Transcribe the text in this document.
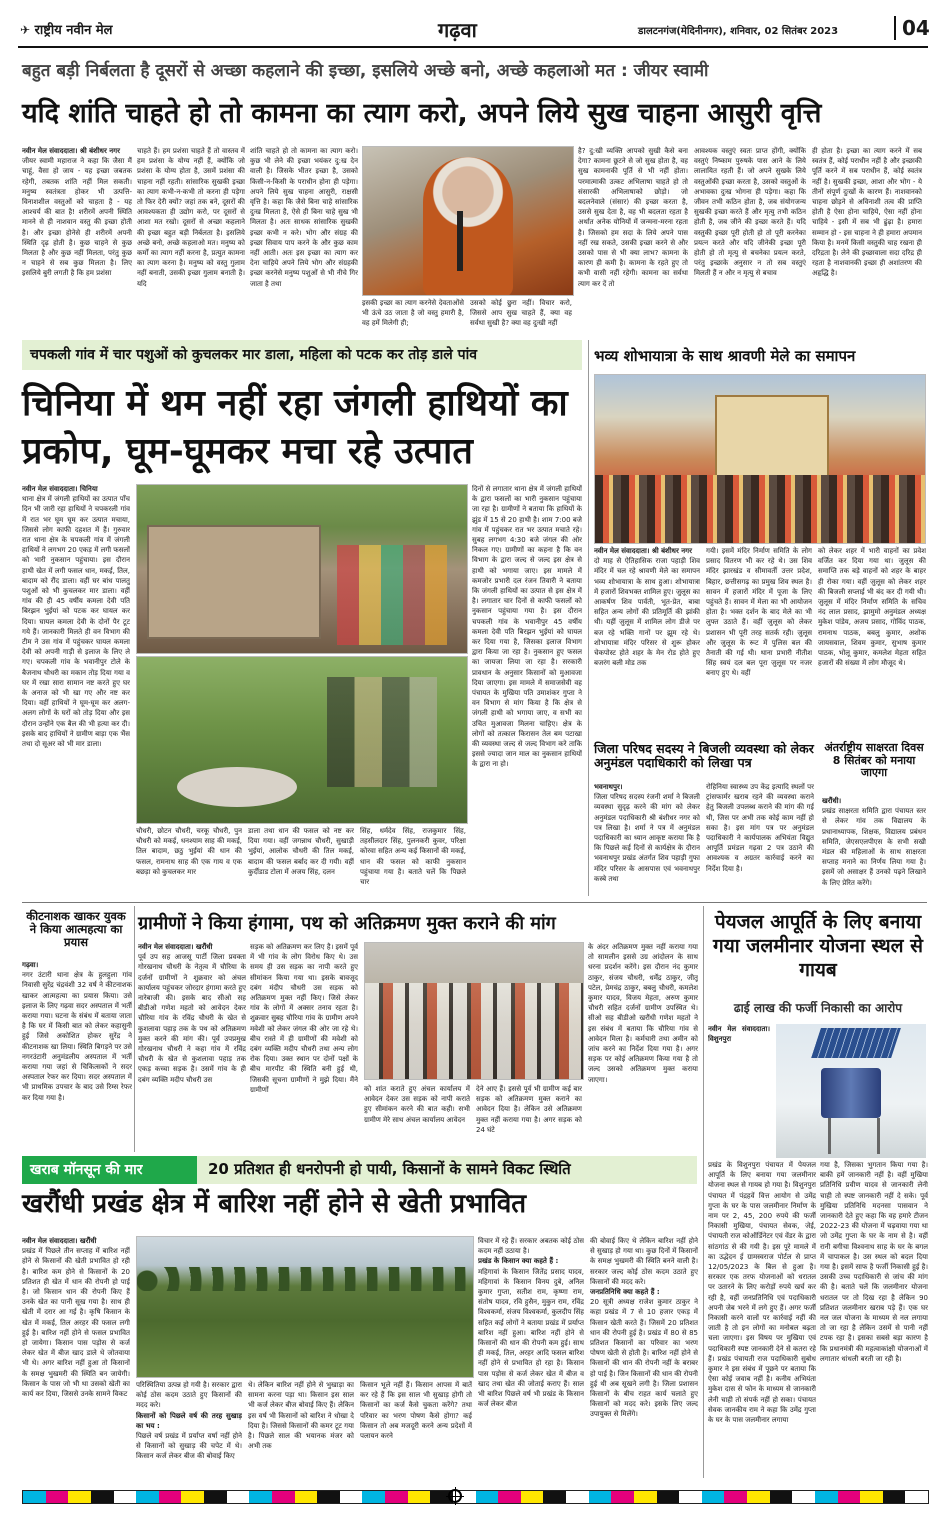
✈ राष्ट्रीय नवीन मेल	गढ़वा	डालटनगंज(मेदिनीनगर), शनिवार, 02 सितंबर 2023	04
बहुत बड़ी निर्बलता है दूसरों से अच्छा कहलाने की इच्छा, इसलिये अच्छे बनो, अच्छे कहलाओ मत : जीयर स्वामी
यदि शांति चाहते हो तो कामना का त्याग करो, अपने लिये सुख चाहना आसुरी वृत्ति

नवीन मेल संवाददाता। श्री बंशीधर नगर

जीयर स्वामी महाराज ने कहा कि जैसा मैं चाहूं, वैसा हो जाय - यह इच्छा जबतक रहेगी, तबतक शांति नहीं मिल सकती। मनुष्य स्वतंत्रता होकर भी उत्पत्ति-विनाशशील वस्तुओं को चाहता है - यह आश्चर्य की बात है! शरीरमें अपनी स्थिति मानने से ही नाशवान वस्तु की इच्छा होती है। और इच्छा होनेसे ही शरीरमें अपनी स्थिति दृढ़ होती है। कुछ चाहने से कुछ मिलता है और कुछ नहीं मिलता, परंतु कुछ न चाहने से सब कुछ मिलता है। लिए इसलिये बुरी लगती है कि हम प्रशंसा

चाहते हैं। हम प्रशंसा चाहते हैं तो वास्तव में हम प्रशंसा के योग्य नहीं हैं, क्योंकि जो प्रशंसा के योग्य होता है, उसमें प्रशंसा की चाहना नहीं रहती। सांसारिक सुखकी इच्छा का त्याग कभी-न-कभी तो करना ही पड़ेगा तो फिर देरी क्यों? जहां तक बने, दूसरों की आवश्यकता ही उद्योग करो, पर दूसरों से आशा मत रखो। दूसरों से अच्छा कहलाने की इच्छा बहुत बड़ी निर्बलता है। इसलिये अच्छे बनो, अच्छे कहलाओ मत। मनुष्य को कर्मों का त्याग नहीं करना है, प्रत्युत कामना का त्याग करना है। मनुष्य को वस्तु गुलाम नहीं बनाती, उसकी इच्छा गुलाम बनाती है। यदि
शांति चाहते हो तो कामना का त्याग करो। कुछ भी लेने की इच्छा भयंकर दु:ख देन वाली है। जिसके भीतर इच्छा है, उसको किसी-न-किसी के पराधीन होना ही पड़ेगा। अपने लिये सुख चाहना आसुरी, राक्षसी वृत्ति है। कहा कि जैसे बिना चाहे सांसारिक दुःख मिलता है, ऐसे ही बिना चाहे सुख भी मिलता है। अतः साधक सांसारिक सुखकी इच्छा कभी न करे। भोग और संग्रह की इच्छा सिवाय पाप करने के और कुछ काम नहीं आती। अतः इस इच्छा का त्याग कर देना चाहिये अपने लिये भोग और संग्रहकी इच्छा करनेसे मनुष्य पशुओं से भी नीचे गिर जाता है तथा
इसकी इच्छा का त्याग करनेसे देवताओंसे भी ऊंचे उठ जाता है जो वस्तु हमारी है, वह हमें मिलेगी ही;
उसको कोई छुरा नहीं। विचार करो, जिससे आप सुख चाहते हैं, क्या वह सर्वथा सुखी है? क्या वह दुःखी नहीं
है? दु:खी व्यक्ति आपको सुखी कैसे बना देगा? कामना छूटने से जो सुख होता है, वह सुख कामनाकी पूर्ति से भी नहीं होता। परमात्माकी उत्कट अभिलाषा चाहते हो तो संसारकी अभिलाषाको छोड़ो। जो बदलनेवाले (संसार) की इच्छा करता है, उससे सुख देता है, वह भी बदलता रहता है अर्थात अनेक योनियों में जन्मना-मरना रहता है। जिसको हम सदा के लिये अपने पास नहीं रख सकते, उसकी इच्छा करने से और उसको पास से भी क्या लाभ? कामना के कारण ही कमी है। कामना के रहते हुए तो कभी वासी नहीं रहेगी। कामना का सर्वथा त्याग कर दें तो
आवश्यक वस्तुएं स्वतः प्राप्त होंगी, क्योंकि वस्तुएं निष्काम पुरुषके पास आने के लिये लालायित रहती हैं। जो अपने सुखके लिये वस्तुओंकी इच्छा करता है, उसको वस्तुओं के अभावका दुःख भोगना ही पड़ेगा। कहा कि जीवन तभी कठिन होता है, जब संयोगजन्य सुखकी इच्छा करते हैं और मृत्यु तभी कठिन होती है, जब जीने की इच्छा करते हैं। यदि वस्तुकी इच्छा पूरी होती हो तो पूरी करनेका प्रयत्न करते और यदि जीनेकी इच्छा पूरी होती हो तो मृत्यु से बचनेका प्रयत्न करते, परंतु इच्छाके अनुसार न तो सब वस्तुएं मिलती हैं न और न मृत्यु से बचाव
ही होता है। इच्छा का त्याग करने में सब स्वतंत्र हैं, कोई पराधीन नहीं है और इच्छाकी पूर्ति करने में सब पराधीन हैं, कोई स्वतंत्र नहीं है। सुखकी इच्छा, आशा और भोग - ये तीनों संपूर्ण दुःखों के कारण हैं। नाशवानको चाहना छोड़ने से अविनाशी तत्व की प्राप्ति होती है ऐसा होना चाहिये, ऐसा नहीं होना चाहिये - इसी में सब भी ढुंढ़ा है। हमारा सम्मान हो - इस चाहना ने ही हमारा अपमान किया है। मनमें किसी वस्तुकी चाह रखना ही दरिद्रता है। लेने की इच्छावाला सदा दरिद्र ही रहता है नाशवानकी इच्छा ही अशांतरण की अहृद्धि है।
चपकली गांव में चार पशुओं को कुचलकर मार डाला, महिला को पटक कर तोड़ डाले पांव
चिनिया में थम नहीं रहा जंगली हाथियों का प्रकोप, घूम-घूमकर मचा रहे उत्पात

नवीन मेल संवाददाता। चिनिया

थाना क्षेत्र में जंगली हाथियों का उत्पात पाँच दिन भी जारी रहा हाथियों ने चपकरली गांव में रात भर घूम घूम कर उत्पात मचाया, जिससे लोग काफी दहशत में हैं। गुरुवार रात थाना क्षेत्र के चपकली गांव में जंगली हाथियों ने लगभग 20 एकड़ में लगी फसलों को भारी नुकसान पहुंचाया। इस दौरान हाथी खेत में लगी फसल धान, मकई, तिल, बादाम को रौंद डाला। वहीं घर बांध पालतु पशुओं को भी कुचलकर मार डाला। वहीं गांव की ही 45 वर्षीय कमला देवी पति बिरझन भुईयां को पटक कर घायल कर दिया। घायल कमला देवी के दोनों पैर टूट गये हैं। जानकारी मिलते ही वन विभाग की टीम ने उस गांव में पहुंचकर घायल कमला देवी को अपनी गाड़ी से इलाज के लिए ले गए। चपकली गांव के भवानीपुर टोले के बैजनाथ चौधरी का मकान तोड़ दिया गया व घर में रखा सारा सामान नष्ट करते हुए घर के अनाज को भी खा गए और नष्ट कर दिया। वहीं हाथियों ने घूम-घूम कर अलग-अलग लोगों के घरों को तोड़ दिया और इस दौरान उन्होंने एक बैल की भी हत्या कर दी। इसके बाद हाथियों ने ग्रामीण बाड़ा एक भैंस तथा दो सूअर को भी मार डाला।

दिनों से लगातार थाना क्षेत्र में जंगली हाथियों के द्वारा फसलों का भारी नुकसान पहुंचाया जा रहा है। ग्रामीणों ने बताया कि हाथियों के झुंड में 15 से 20 हाथी है। शाम 7:00 बजे गांव में पहुंचकर रात भर उत्पात मचाते रहे। सुबह लगभग 4:30 बजे जंगल की ओर निकल गए। ग्रामीणों का कहना है कि वन विभाग के द्वारा जल्द से जल्द इस क्षेत्र से हाथी को भगाया जाए। इस मामले में कमजोर प्रभारी दल रंजन तिवारी ने बताया कि जंगली हाथियों का उत्पात से इस क्षेत्र में है। लगातार चार दिनों से काफी फसलों को नुकसान पहुंचाया गया है। इस दौरान चपकली गांव के भवानीपुर 45 वर्षीय कमला देवी पति बिरझन भुईयां को घायल कर दिया गया है, जिसका इलाज विभाग द्वारा किया जा रहा है। नुकसान हुए फसल का जायजा लिया जा रहा है। सरकारी प्रावधान के अनुसार किसानों को मुआवजा दिया जाएगा। इस मामले में समाजसेवी वह पंचायत के मुखिया पति उमाशंकर गुप्ता ने वन विभाग से मांग किया है कि क्षेत्र से जंगली हाथी को भगाया जाए, व सभी का उचित मुआवजा मिलना चाहिए। क्षेत्र के लोगों को तत्काल किरासन तेल बम पटाखा की व्यवस्था जल्द से जल्द विभाग करे ताकि इससे ज्यादा जान माल का नुकसान हाथियों के द्वारा ना हो।
चौधरी, छोटन चौधरी, चरकू चौधरी, पुन चौधरी को मकई, धनश्याम साह की मकई, तिल बादाम, छठु भुईयां की धान की फसल, रामनाथ साह की एक गाय व एक बछड़ा को कुचलकर मार
डाला तथा धान की फसल को नष्ट कर दिया गया। वहीं जगन्नाथ चौधरी, सुखाड़ी भुईयां, आलोक चौधरी की तिल मकई, बादाम की फसल बर्बाद कर दी गयी। वहीं कुर्दीडाड टोला में अजय सिंह, दलन
सिंह, धर्मदेव सिंह, राजकुमार सिंह, तहसीलदार सिंह, पुलनकरी कुवर, परिक्षा कोरवा सहित अन्य कई किसानों की मकई, धान की फसल को काफी नुकसान पहुंचाया गया है। बताते चलें कि पिछले चार
भव्य शोभायात्रा के साथ श्रावणी मेले का समापन

नवीन मेल संवाददाता। श्री बंशीधर नगर

दो माह से ऐतिहासिक राजा पहाड़ी शिव मंदिर में चल रहे श्रावणी मेले का समापन भव्य शोभायात्रा के साथ हुआ। शोभायात्रा में हजारों शिवभक्त शामिल हुए। जुलूस का आकर्षण शिव पार्वती, भूत-प्रेत, बाबा सहित अन्य लोगों की प्रतिमूर्ति की झांकी थी। यहीं जुलूस में शामिल लोग डीजे पर बज रहे भक्ति गानों पर झूम रहे थे। शोभायात्रा मंदिर परिसर से शुरू होकर चेकपोस्ट होते शहर के मेन रोड होते हुए बजरंग बली मोड तक

गयी। इसमें मंदिर निर्माण समिति के लोग प्रसाद वितरण भी कर रहे थे। उस शिव मंदिर झारखंड व सीमावर्ती उत्तर प्रदेश, बिहार, छत्तीसगढ़ का प्रमुख शिव स्थल है। सावन में हजारों मंदिर में पूजा के लिए पहुंचते हैं। सावन में मेला का भी आयोजन होता है। भक्त दर्शन के बाद मेले का भी लुफ्त उठाते हैं। वहीं जुलूस को लेकर प्रशासन भी पूरी तरह सतर्क रही। जुलूस और जुलूस के रूट में पुलिस बल की तैनाती की गई थी। थाना प्रभारी नीतीश सिंह स्वयं दल बल पूरा जुलूस पर नजर बनाए हुए थे। वहीं
को लेकर शहर में भारी वाहनों का प्रवेश वर्जित कर दिया गया था। जुलूस की समाप्ति तक बड़े वाहनों को शहर के बाहर ही रोका गया। वहीं जुलूस को लेकर शहर की बिजली सप्लाई भी बंद कर दी गयी थी। जुलूस में मंदिर निर्माण समिति के सचिव नंद लाल प्रसाद, झामुमो अनुमंडल अध्यक्ष मुकेश पांडेय, अजय प्रसाद, गोविंद पाठक, रामनाथ पाठक, बबलु कुमार, अशोक जायसवाल, शिवम कुमार, सुभाष कुमार पाठक, भोलू कुमार, कमलेश मेहता सहित हजारों की संख्या में लोग मौजूद थे।
जिला परिषद सदस्य ने बिजली व्यवस्था को लेकर अनुमंडल पदाधिकारी को लिखा पत्र

भवनाथपुर।

जिला परिषद सदस्य रंजनी शर्मा ने बिजली व्यवस्था सुदृढ़ करने की मांग को लेकर अनुमंडल पदाधिकारी श्री बंशीधर नगर को पत्र लिखा है। शर्मा ने पत्र में अनुमंडल पदाधिकारी का ध्यान आकृष्ट कराया कि है कि पिछले कई दिनों से कार्यक्षेत्र के दौरान भवनाथपुर प्रखंड अंतर्गत शिव पहाड़ी गुफा मंदिर परिसर के आसपास एवं भवनाथपुर कस्बे तथा

रोहिनिया स्वास्थ्य उप केंद्र इत्यादि स्थलों पर ट्रांसफार्मर खराब रहने की व्यवस्था कराने हेतु बिजली उपलब्ध कराने की मांग की गई थी, जिस पर अभी तक कोई काम नहीं हो सका है। इस मांग पत्र पर अनुमंडल पदाधिकारी ने कार्यपालक अभियंता विद्युत आपूर्ति प्रमंडल गढ़वा 2 पत्र उठाने की आवश्यक व अग्रतर कार्रवाई करने का निर्देश दिया है।
अंतर्राष्ट्रीय साक्षरता दिवस 8 सितंबर को मनाया जाएगा

खरौंधी।

प्रखंड साक्षरता समिति द्वारा पंचायत स्तर से लेकर गांव तक विद्यालय के प्रधानाध्यापक, शिक्षक, विद्यालय प्रबंधन समिति, जेएसएलपीएस के सभी सखी मंडल की महिलाओं के साथ साक्षरता सप्ताह मनाने का निर्णय लिया गया है। इसमें जो असाक्षर हैं उनको पढ़ने लिखाने के लिए प्रेरित करेंगे।

कीटनाशक खाकर युवक ने किया आत्महत्या का प्रयास

गढ़वा।

नगर उंटारी थाना क्षेत्र के हुलहुला गांव निवासी सुरेंद्र चंद्रवंशी 32 वर्ष ने कीटनाशक खाकर आत्महत्या का प्रयास किया। उसे इलाज के लिए गढ़वा सदर अस्पताल में भर्ती कराया गया। घटना के संबंध में बताया जाता है कि घर में किसी बात को लेकर कहासुनी हुई जिसे अकोशित होकर सुरेंद्र ने कीटनाशक खा लिया। स्थिति बिगड़ने पर उसे नगरउंटारी अनुमंडलीय अस्पताल में भर्ती कराया गया जहां से चिकित्सकों ने सदर अस्पताल रेफर कर दिया। सदर अस्पताल में भी प्राथमिक उपचार के बाद उसे रिम्स रेफर कर दिया गया है।

ग्रामीणों ने किया हंगामा, पथ को अतिक्रमण मुक्त कराने की मांग

नवीन मेल संवाददाता। खरौंधी

पूर्व उप सह आजसू पार्टी जिला प्रवक्ता गोरखनाथ चौधरी के नेतृत्व में चौरिया के दर्जनों ग्रामीणों ने शुक्रवार को अंचल कार्यालय पहुंचकर जोरदार हंगामा करते हुए नारेबाजी की। इसके बाद सीओ सह बीडीओ गणेश महतो को आवेदन देकर चौरिया गांव के रविंद्र चौधरी के खेत से कुशलावा पहाड़ तक के पथ को अतिक्रमण मुक्त करने की मांग की। पूर्व उपप्रमुख गोरखनाथ चौधरी ने कहा गांव में रविंद्र चौधरी के खेत से कुशलावा पहाड़ तक एकड़ कच्चा सड़क है। उसमें गांव के ही दबंग व्यक्ति मदीप चौधरी उस

सड़क को अतिक्रमण कर लिए है। इसमें पूर्व में भी गांव के लोग विरोध किए थे। उस समय ही उस सड़क का नापी करते हुए सीमांकन किया गया था। इसके बावजूद दबंग मंदीप चौधरी उस सड़क को अतिक्रमण मुक्त नहीं किए। जिसे लेकर गांव के लोगों में अक्सर तनाव रहता है। शुक्रवार सुबह चौरिया गांव के ग्रामीण अपने मवेशी को लेकर जंगल की ओर जा रहे थे। बीच रास्ते में ही ग्रामीणों की मवेशी को दबंग व्यक्ति मदीप चौधरी तथा अन्य लोग रोक दिया। उक्त स्थान पर दोनों पक्षों के बीच मारपीट की स्थिति बनी हुई थी, जिसकी सूचना ग्रामीणों ने मुझे दिया। मैंने ग्रामीणों	को शांत कराते हुए अंचल कार्यालय में आवेदन देकर उस सड़क को नापी कराते हुए सीमांकन करने की बात कही। सभी ग्रामीण मेरे साथ अंचल कार्यालय आवेदन
देने आए हैं। इससे पूर्व भी ग्रामीण कई बार सड़क को अतिक्रमण मुक्त कराने का आवेदन दिया है। लेकिन उसे अतिक्रमण मुक्त नहीं कराया गया है। अगर सड़क को 24 घंटे
के अंदर अतिक्रमण मुक्त नहीं कराया गया तो सामलीन इससे उग्र आंदोलन के साथ धरना प्रदर्शन करेंगे। इस दौरान नंद कुमार ठाकुर, संजय चौधरी, धर्मेंद्र ठाकुर, जीतू पटेल, प्रेमचंद्र ठाकुर, बबलु चौधरी, कमलेश कुमार यादव, विजय मेहता, अरुण कुमार चौधरी सहित दर्जनों ग्रामीण उपस्थित थे। सीओ सह बीडीओ खरौंधी गणेश महतो ने इस संबंध में बताया कि चौरिया गांव से आवेदन मिला है। कर्मचारी तथा अमीन को जांच करने का निर्देश दिया गया है। अगर सड़क पर कोई अतिक्रमण किया गया है तो जल्द उसको अतिक्रमण मुक्त कराया जाएगा।
पेयजल आपूर्ति के लिए बनाया गया जलमीनार योजना स्थल से गायब
ढाई लाख की फर्जी निकासी का आरोप

नवीन मेल संवाददाता। विशुनपुरा

प्रखंड के विशुनपुरा पंचायत में पेयजल आपूर्ति के लिए बनाया गया जलमीनार योजना स्थल से गायब हो गया है। विशुनपुरा पंचायत में पंद्रहवें वित्त आयोग से उमेंद्र गुप्ता के घर के पास जलमीनार निर्माण के नाम पर 2, 45, 200 रुपये की फर्जी निकासी मुखिया, पंचायत सेवक, जेई, पंचायती राज कोऑर्डिनेटर एवं वेंडर के द्वारा सांठगांठ से की गयी है। इस पूरे मामले में का उद्भेदन ई ग्रामस्वराज पोर्टल से प्राप्त 12/05/2023 के बिल से हुआ है। सरकार एक तरफ योजनाओं को धरातल पर उतारने के लिए करोड़ों रुपये खर्च कर रही है, वहीं जनप्रतिनिधि एवं पदाधिकारी अपनी जेब भरने में लगे हुए हैं। अगर फर्जी निकासी करने वालों पर कार्रवाई नहीं की जाती है तो इन लोगों का मनोबल बढ़ता चला जाएगा। इस विषय पर मुखिया एवं पदाधिकारी स्पष्ट जानकारी देने से कतरा रहे हैं। प्रखंड पंचायती राज पदाधिकारी सुबोध कुमार ने इस संबंध में पूछने पर बताया कि ऐसा कोई जवाब नहीं है। कनीय अभियंता मुकेश दास से फोन के माध्यम से जानकारी लेनी चाही तो संपर्क नहीं हो सका। पंचायत सेवक जानकीय राम ने कहा कि उमेंद्र गुप्ता के घर के पास जलमीनार लगाया
गया है, जिसका भुगतान किया गया है। बाकी हमें जानकारी नहीं है। वहीं मुखिया प्रतिनिधि प्रवीण यादव से जानकारी लेनी चाही तो स्पष्ट जानकारी नहीं दे सके। पूर्व मुखिया प्रतिनिधि मदनसा पासवान ने जानकारी देते हुए कहा कि वह हमारे टीजन 2022-23 की योजना में चढ़वाया गया था जो उमेंद्र गुप्ता के घर के नाम से है। वहीं रानी बगीचा विश्वनाथ साह के घर के बगल में चापाकल है। उस स्थल को बदल दिया गया है। इसमें साफ है फर्जी निकासी हुई है। उसकी उच्च पदाधिकारी से जांच की मांग की है। बताते चलें कि जलमीनार योजना धरातल पर तो दिख रहा है लेकिन 90 प्रतिशत जलमीनार खराब पड़े हैं। एक घर नल जल योजना के माध्यम से नल लगाया तो जा रहा है लेकिन उसमें से पानी नहीं टपक रहा है। इसका सबसे बड़ा कारण है कि प्रधानमंत्री की महत्वाकांक्षी योजनाओं में लगातार धांधली बरती जा रही है।
खराब मॉनसून की मार	20 प्रतिशत ही धनरोपनी हो पायी, किसानों के सामने विकट स्थिति
खरौंधी प्रखंड क्षेत्र में बारिश नहीं होने से खेती प्रभावित

नवीन मेल संवाददाता। खरौंधी

प्रखंड में पिछले तीन सप्ताह में बारिश नहीं होने से किसानों की खेती प्रभावित हो रही है। बारिश कम होने से किसानों के 20 प्रतिशत ही खेत में धान की रोपनी हो पाई है। जो किसान धान की रोपनी किए हैं उनके खेत का पानी सूख गया है। साथ ही खेती में दरार आ गई है। कृषि किसान के खेत में मकई, तिल अरहर की फसल लगी हुई है। बारिश नहीं होने से फसल प्रभावित हो जायेगा। किसान पास पड़ोस से कर्ज लेकर खेत में बीज खाद डाले थे जोतवाया भी थे। अगर बारिश नहीं हुआ तो किसानों के समक्ष भुखमरी की स्थिति बन जायेगी। किसान के पास जो भी था उसको खेती का कार्य कर दिया, जिससे उनके सामने विकट

परिस्थितिया उत्पन्न हो गयी है। सरकार द्वारा कोई ठोस कदम उठाते हुए किसानों की मदद करे।

किसानों को पिछले वर्ष की तरह सुखाड़ का भय :

पिछले वर्ष प्रखंड में प्रर्याप्त वर्षा नहीं होने से किसानों को सुखाड़ की चपेट में थे। किसान कर्ज लेकर बीज की बोवाई किए

थे। लेकिन बारिश नहीं होने से भुखाड़ा का सामना करना पड़ा था। किसान इस साल भी कर्ज लेकर बीज बोवाई किए हैं। लेकिन इस वर्ष भी किसानों को बारिश ने धोखा दे दिया है। जिससे किसानों की कमर टूट गया है। पिछले साल की भयानक मंजर को अभी तक
किसान भूले नहीं हैं। किसान आपस में बातें कर रहे हैं कि इस साल भी सुखाड़ होगी तो किसानों का कर्ज कैसे चुकता करेंगे? तथा परिवार का भरण पोषण कैसे होगा? कई किसान तो अब मजदूरी करने अन्य प्रदेशों में पलायन करने

विचार में रहे हैं। सरकार अबतक कोई ठोस कदम नहीं उठाया है।

प्रखंड के किसान क्या कहते हैं :

महिगावां के किसान जितेंद्र प्रसाद यादव, महिगावां के किसान विनय दुबे, अनिल कुमार गुप्ता, सतीश राम, कृष्णा राम, संतोष यादव, रवि हुसैन, मुकुन राम, रविंद्र विश्वकर्मा, संजय विश्वकर्मा, कुलदीप सिंह सहित कई लोगों ने बताया प्रखंड में प्रर्याप्त बारिश नहीं हुआ। बारिश नहीं होने से किसानों की धान की रोपनी कम हुई। साथ ही मकई, तिल, अरहर आदि फसल बारिश नहीं होने से प्रभावित हो रहा है। किसान पास पड़ोस से कर्ज लेकर खेत में बीज व खाद तथा खेत की जोताई कराए हैं। साल भी बारिश पिछले वर्ष भी प्रखंड के किसान कर्ज लेकर बीज

की बोवाई किए थे लेकिन बारिश नहीं होने से सुखाड़ हो गया था। कुछ दिनों में किसानों के समक्ष भुखमरी की स्थिति बनने वाली है। सरकार जल्द कोई ठोस कदम उठाते हुए किसानों की मदद करे।

जनप्रतिनिधि क्या कहते हैं :

20 सूत्री अध्यक्ष राजेश कुमार ठाकुर ने कहा प्रखंड में 7 से 10 हजार एकड़ में किसान खेती करते हैं। जिसमें 20 प्रतिशत धान की रोपनी हुई है। प्रखंड में 80 से 85 प्रतिशत किसानों का परिवार का भरण पोषण खेती से होती है। बारिश नहीं होने से किसानों की धान की रोपनी नहीं के बराबर हो पाई है। जिन किसानों की धान की रोपनी हुई थी अब सूखने लगी है। जिला प्रशासन किसानों के बीच राहत कार्य चलाते हुए किसानों को मदद करे। इसके लिए जल्द उपायुक्त से मिलेंगे।
